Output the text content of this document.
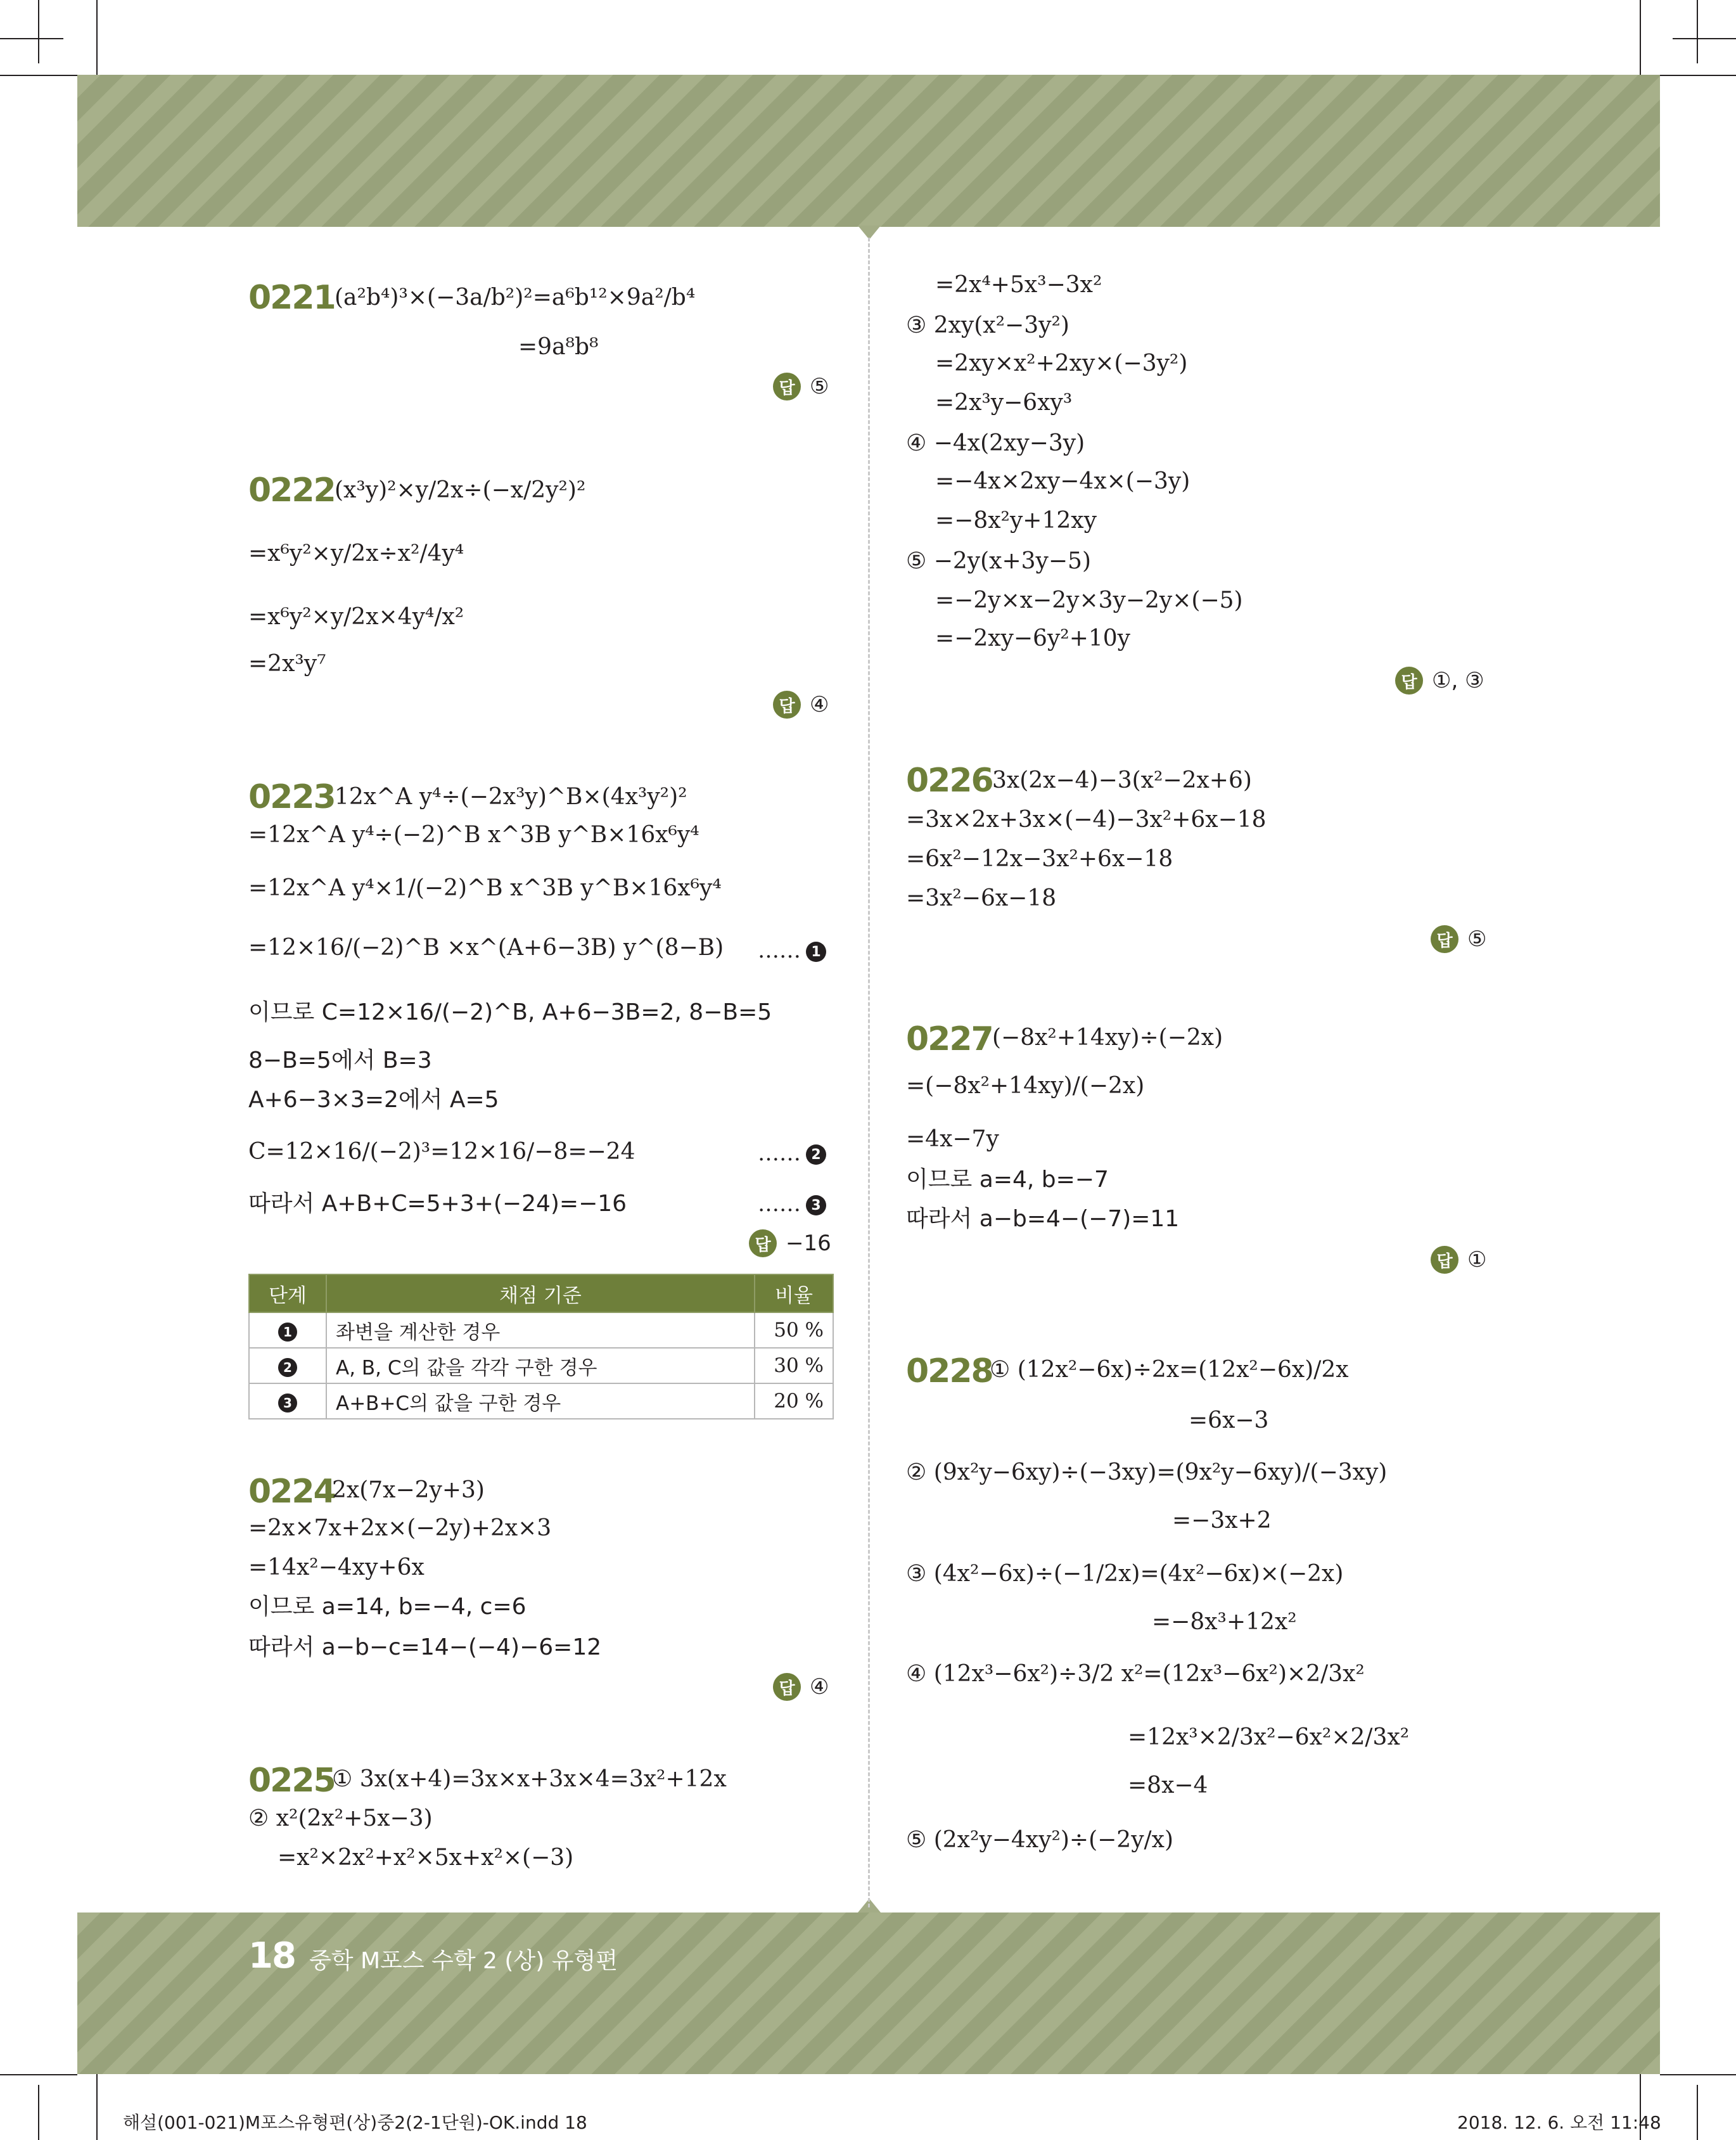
0221 (a²b⁴)³×(−3a/b²)²=a⁶b¹²×9a²/b⁴
=9a⁸b⁸
답 ⑤
0222 (x³y)²×y/2x÷(−x/2y²)²
=x⁶y²×y/2x÷x²/4y⁴
=x⁶y²×y/2x×4y⁴/x²
=2x³y⁷
답 ④
0223 12x^A y⁴÷(−2x³y)^B×(4x³y²)²
=12x^A y⁴÷(−2)^B x^3B y^B×16x⁶y⁴
=12x^A y⁴×1/(−2)^B x^3B y^B×16x⁶y⁴
=12×16/(−2)^B ×x^(A+6−3B) y^(8−B) …… 1
이므로 C=12×16/(−2)^B, A+6−3B=2, 8−B=5
8−B=5에서 B=3
A+6−3×3=2에서 A=5
C=12×16/(−2)³=12×16/−8=−24	…… 2
따라서 A+B+C=5+3+(−24)=−16	…… 3
답 −16
단계	채점 기준	비율
1	좌변을 계산한 경우	50 %
2	A, B, C의 값을 각각 구한 경우	30 %
3	A+B+C의 값을 구한 경우	20 %
0224
2x(7x−2y+3)
=2x×7x+2x×(−2y)+2x×3
=14x²−4xy+6x
이므로 a=14, b=−4, c=6
따라서 a−b−c=14−(−4)−6=12
답 ④
0225
① 3x(x+4)=3x×x+3x×4=3x²+12x
② x²(2x²+5x−3)
=x²×2x²+x²×5x+x²×(−3)
=2x⁴+5x³−3x²
③ 2xy(x²−3y²)
=2xy×x²+2xy×(−3y²)
=2x³y−6xy³
④ −4x(2xy−3y)
=−4x×2xy−4x×(−3y)
=−8x²y+12xy
⑤ −2y(x+3y−5)
=−2y×x−2y×3y−2y×(−5)
=−2xy−6y²+10y
답 ①, ③
0226 3x(2x−4)−3(x²−2x+6)
=3x×2x+3x×(−4)−3x²+6x−18
=6x²−12x−3x²+6x−18
=3x²−6x−18
답 ⑤
0227 (−8x²+14xy)÷(−2x)
=(−8x²+14xy)/(−2x)
=4x−7y
이므로 a=4, b=−7
따라서 a−b=4−(−7)=11
답 ①
0228
① (12x²−6x)÷2x=(12x²−6x)/2x
=6x−3
② (9x²y−6xy)÷(−3xy)=(9x²y−6xy)/(−3xy)
=−3x+2
③ (4x²−6x)÷(−1/2x)=(4x²−6x)×(−2x)
=−8x³+12x²
④ (12x³−6x²)÷3/2 x²=(12x³−6x²)×2/3x²
=12x³×2/3x²−6x²×2/3x²
=8x−4
⑤ (2x²y−4xy²)÷(−2y/x)
18 중학 M포스 수학 2 (상) 유형편
해설(001-021)M포스유형편(상)중2(2-1단원)-OK.indd 18	2018. 12. 6. 오전 11:48
